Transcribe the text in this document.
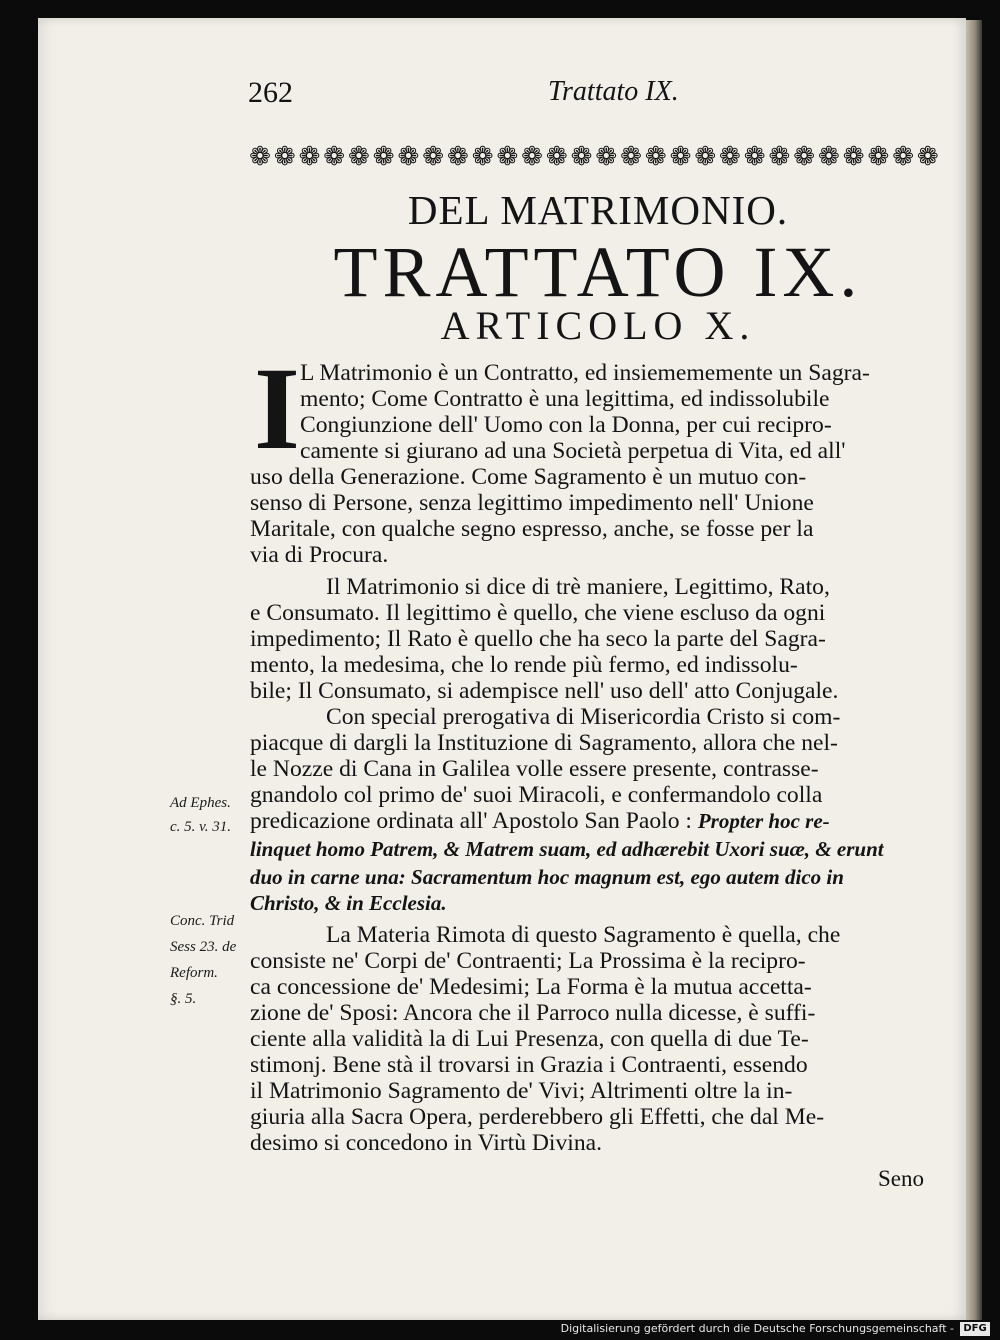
262	Trattato IX.
❁ ❁ ❁ ❁ ❁ ❁ ❁ ❁ ❁ ❁ ❁ ❁ ❁ ❁ ❁ ❁ ❁ ❁ ❁ ❁ ❁ ❁ ❁ ❁ ❁ ❁ ❁ ❁
DEL MATRIMONIO.
TRATTATO IX.
ARTICOLO X.
I L Matrimonio è un Contratto, ed insiemememente un Sagra-
mento; Come Contratto è una legittima, ed indissolubile
Congiunzione dell' Uomo con la Donna, per cui recipro-
camente si giurano ad una Società perpetua di Vita, ed all'
uso della Generazione. Come Sagramento è un mutuo con-
senso di Persone, senza legittimo impedimento nell' Unione
Maritale, con qualche segno espresso, anche, se fosse per la
via di Procura.
Il Matrimonio si dice di trè maniere, Legittimo, Rato,
e Consumato. Il legittimo è quello, che viene escluso da ogni
impedimento; Il Rato è quello che ha seco la parte del Sagra-
mento, la medesima, che lo rende più fermo, ed indissolu-
bile; Il Consumato, si adempisce nell' uso dell' atto Conjugale.
Con special prerogativa di Misericordia Cristo si com-
piacque di dargli la Instituzione di Sagramento, allora che nel-
le Nozze di Cana in Galilea volle essere presente, contrasse-
gnandolo col primo de' suoi Miracoli, e confermandolo colla
predicazione ordinata all' Apostolo San Paolo : Propter hoc re-
linquet homo Patrem, & Matrem suam, ed adhærebit Uxori suæ, & erunt
duo in carne una: Sacramentum hoc magnum est, ego autem dico in
Christo, & in Ecclesia.
La Materia Rimota di questo Sagramento è quella, che
consiste ne' Corpi de' Contraenti; La Prossima è la recipro-
ca concessione de' Medesimi; La Forma è la mutua accetta-
zione de' Sposi: Ancora che il Parroco nulla dicesse, è suffi-
ciente alla validità la di Lui Presenza, con quella di due Te-
stimonj. Bene stà il trovarsi in Grazia i Contraenti, essendo
il Matrimonio Sagramento de' Vivi; Altrimenti oltre la in-
giuria alla Sacra Opera, perderebbero gli Effetti, che dal Me-
desimo si concedono in Virtù Divina.
Ad Ephes.
c. 5. v. 31.
Conc. Trid
Sess 23. de
Reform.
§. 5.
Seno
Digitalisierung gefördert durch die Deutsche Forschungsgemeinschaft - DFG
